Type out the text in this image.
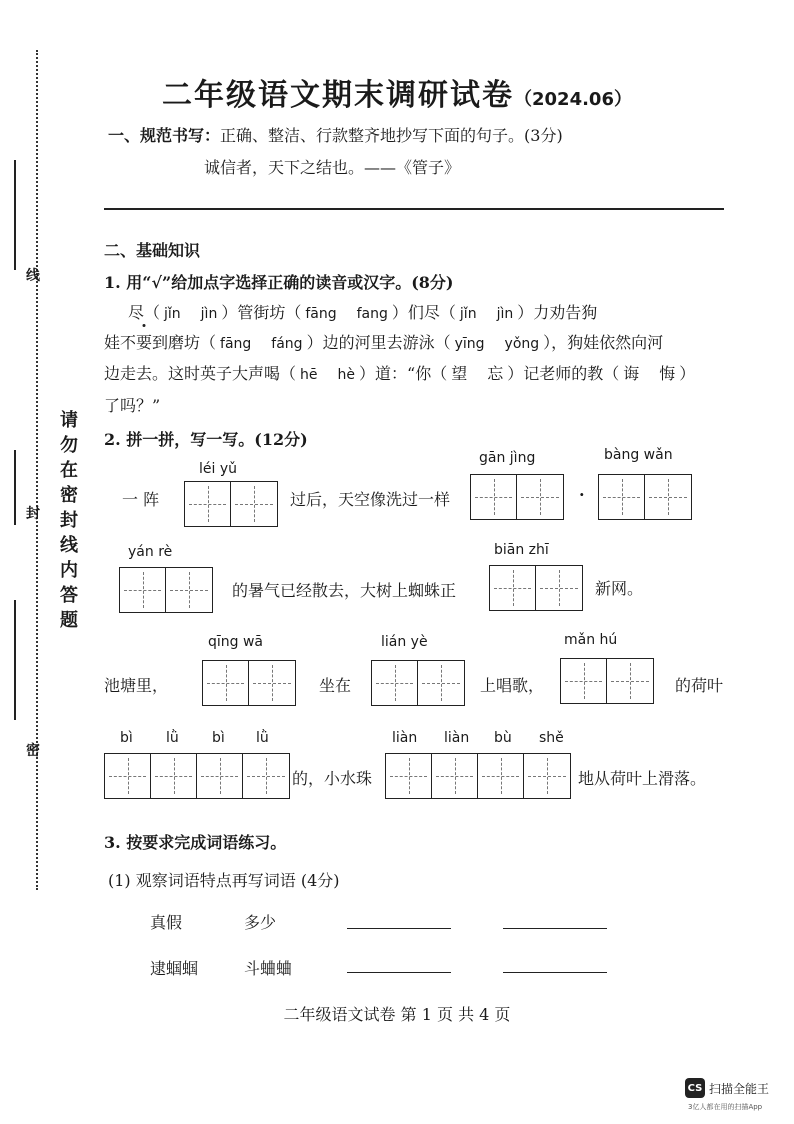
线
封
密
请勿在密封线内答题
二年级语文期末调研试卷（2024.06）
一、规范书写：正确、整洁、行款整齐地抄写下面的句子。(3分)
诚信者，天下之结也。——《管子》
二、基础知识
1. 用“√”给加点字选择正确的读音或汉字。(8分)
尽（ jǐn jìn ）管街坊（ fāng fang ）们尽（ jǐn jìn ）力劝告狗
娃不要到磨坊（ fāng fáng ）边的河里去游泳（ yīng yǒng ），狗娃依然向河
边走去。这时英子大声喝（ hē hè ）道：“你（ 望 忘 ）记老师的教（ 诲 悔 ）
了吗？”
2. 拼一拼，写一写。(12分)
一 阵
léi yǔ
过后，天空像洗过一样
gān jìng
·
bàng wǎn
yán rè
的暑气已经散去，大树上蜘蛛正
biān zhī
新网。
池塘里，
qīng wā
坐在
lián yè
上唱歌，
mǎn hú
的荷叶
bì lǜ bì lǜ
的，小水珠
liàn liàn bù shě
地从荷叶上滑落。
3. 按要求完成词语练习。
(1) 观察词语特点再写词语 (4分)
真假	多少
逮蝈蝈	斗蛐蛐
二年级语文试卷 第 1 页 共 4 页
CS 扫描全能王
3亿人都在用的扫描App
